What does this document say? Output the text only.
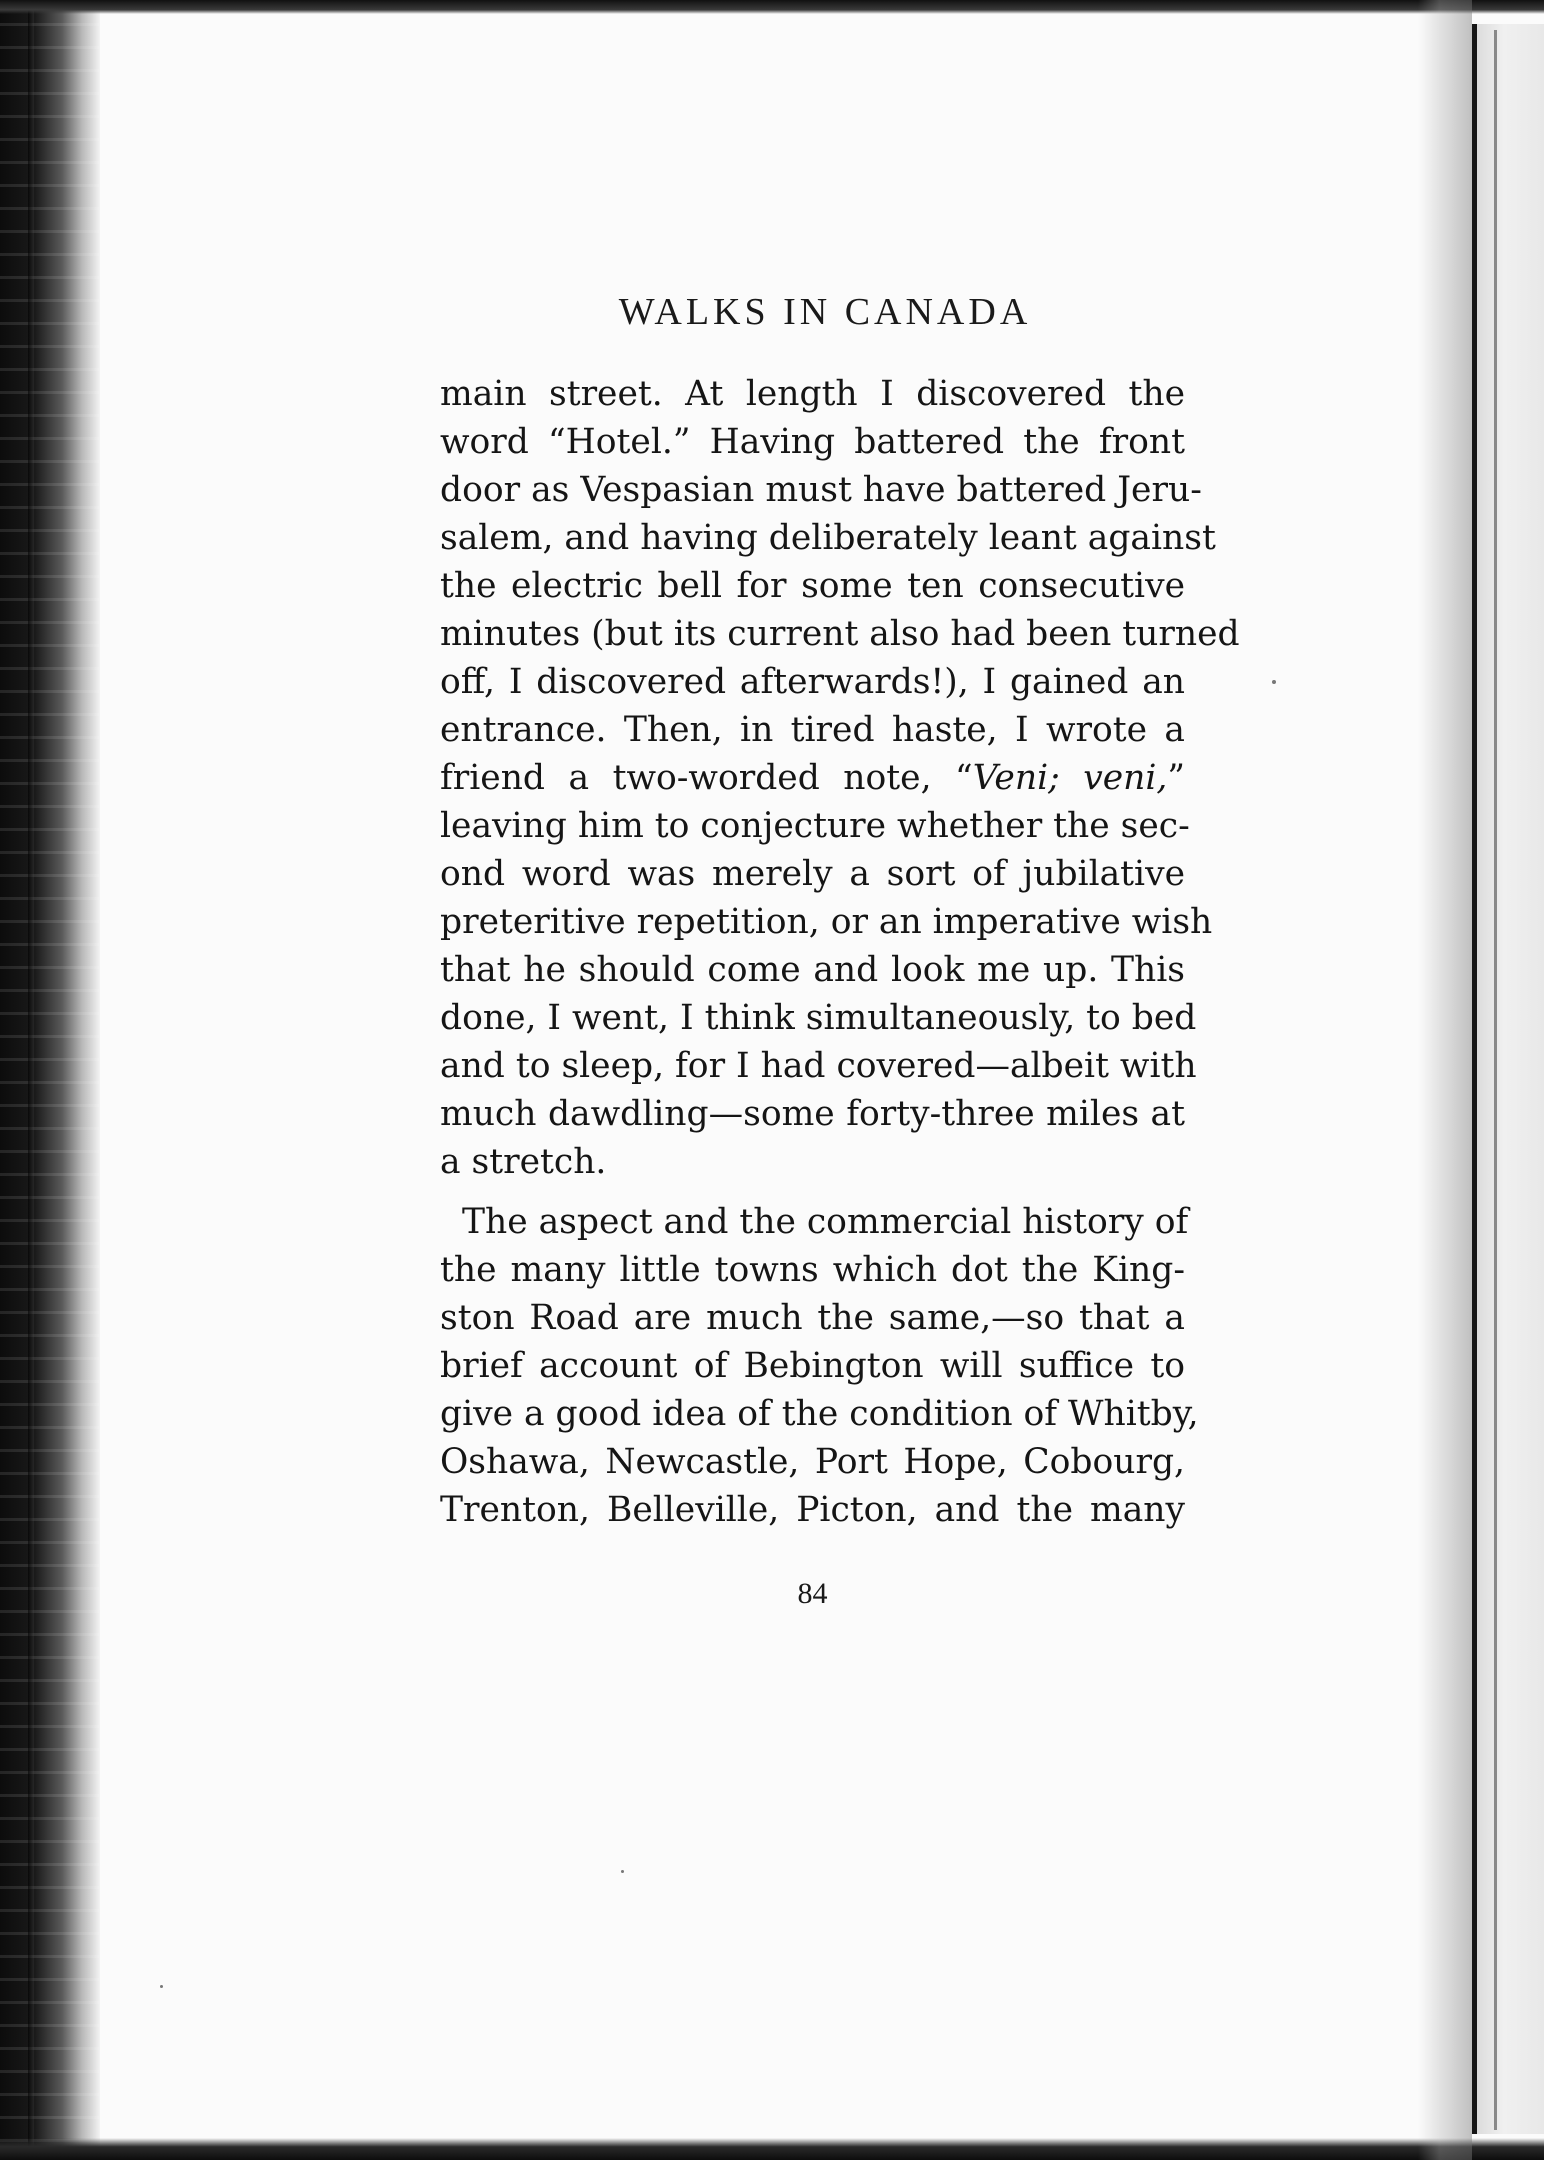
WALKS IN CANADA
main street. At length I discovered the
word “Hotel.” Having battered the front
door as Vespasian must have battered Jeru-
salem, and having deliberately leant against
the electric bell for some ten consecutive
minutes (but its current also had been turned
off, I discovered afterwards!), I gained an
entrance. Then, in tired haste, I wrote a
friend a two-worded note, “Veni; veni,”
leaving him to conjecture whether the sec-
ond word was merely a sort of jubilative
preteritive repetition, or an imperative wish
that he should come and look me up. This
done, I went, I think simultaneously, to bed
and to sleep, for I had covered—albeit with
much dawdling—some forty-three miles at
a stretch.
The aspect and the commercial history of
the many little towns which dot the King-
ston Road are much the same,—so that a
brief account of Bebington will suffice to
give a good idea of the condition of Whitby,
Oshawa, Newcastle, Port Hope, Cobourg,
Trenton, Belleville, Picton, and the many
84
